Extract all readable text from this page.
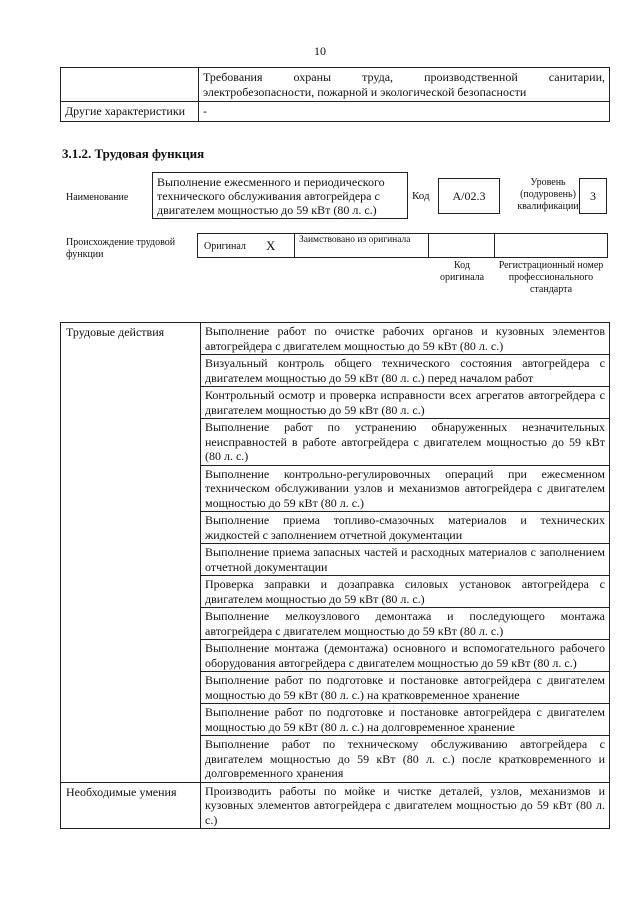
10
	Требования охраны труда, производственной санитарии, электробезопасности, пожарной и экологической безопасности
Другие характеристики	-
3.1.2. Трудовая функция
Наименование
Выполнение ежесменного и периодического технического обслуживания автогрейдера с двигателем мощностью до 59 кВт (80 л. с.)
Код	A/02.3
Уровень (подуровень) квалификации
3
Происхождение трудовой функции
Оригинал X Заимствовано из оригинала
Код оригинала
Регистрационный номер профессионального стандарта
Трудовые действия	Выполнение работ по очистке рабочих органов и кузовных элементов автогрейдера с двигателем мощностью до 59 кВт (80 л. с.)
	Визуальный контроль общего технического состояния автогрейдера с двигателем мощностью до 59 кВт (80 л. с.) перед началом работ
	Контрольный осмотр и проверка исправности всех агрегатов автогрейдера с двигателем мощностью до 59 кВт (80 л. с.)
	Выполнение работ по устранению обнаруженных незначительных неисправностей в работе автогрейдера с двигателем мощностью до 59 кВт (80 л. с.)
	Выполнение контрольно-регулировочных операций при ежесменном техническом обслуживании узлов и механизмов автогрейдера с двигателем мощностью до 59 кВт (80 л. с.)
	Выполнение приема топливо-смазочных материалов и технических жидкостей с заполнением отчетной документации
	Выполнение приема запасных частей и расходных материалов с заполнением отчетной документации
	Проверка заправки и дозаправка силовых установок автогрейдера с двигателем мощностью до 59 кВт (80 л. с.)
	Выполнение мелкоузлового демонтажа и последующего монтажа автогрейдера с двигателем мощностью до 59 кВт (80 л. с.)
	Выполнение монтажа (демонтажа) основного и вспомогательного рабочего оборудования автогрейдера с двигателем мощностью до 59 кВт (80 л. с.)
	Выполнение работ по подготовке и постановке автогрейдера с двигателем мощностью до 59 кВт (80 л. с.) на кратковременное хранение
	Выполнение работ по подготовке и постановке автогрейдера с двигателем мощностью до 59 кВт (80 л. с.) на долговременное хранение
	Выполнение работ по техническому обслуживанию автогрейдера с двигателем мощностью до 59 кВт (80 л. с.) после кратковременного и долговременного хранения
Необходимые умения	Производить работы по мойке и чистке деталей, узлов, механизмов и кузовных элементов автогрейдера с двигателем мощностью до 59 кВт (80 л. с.)
